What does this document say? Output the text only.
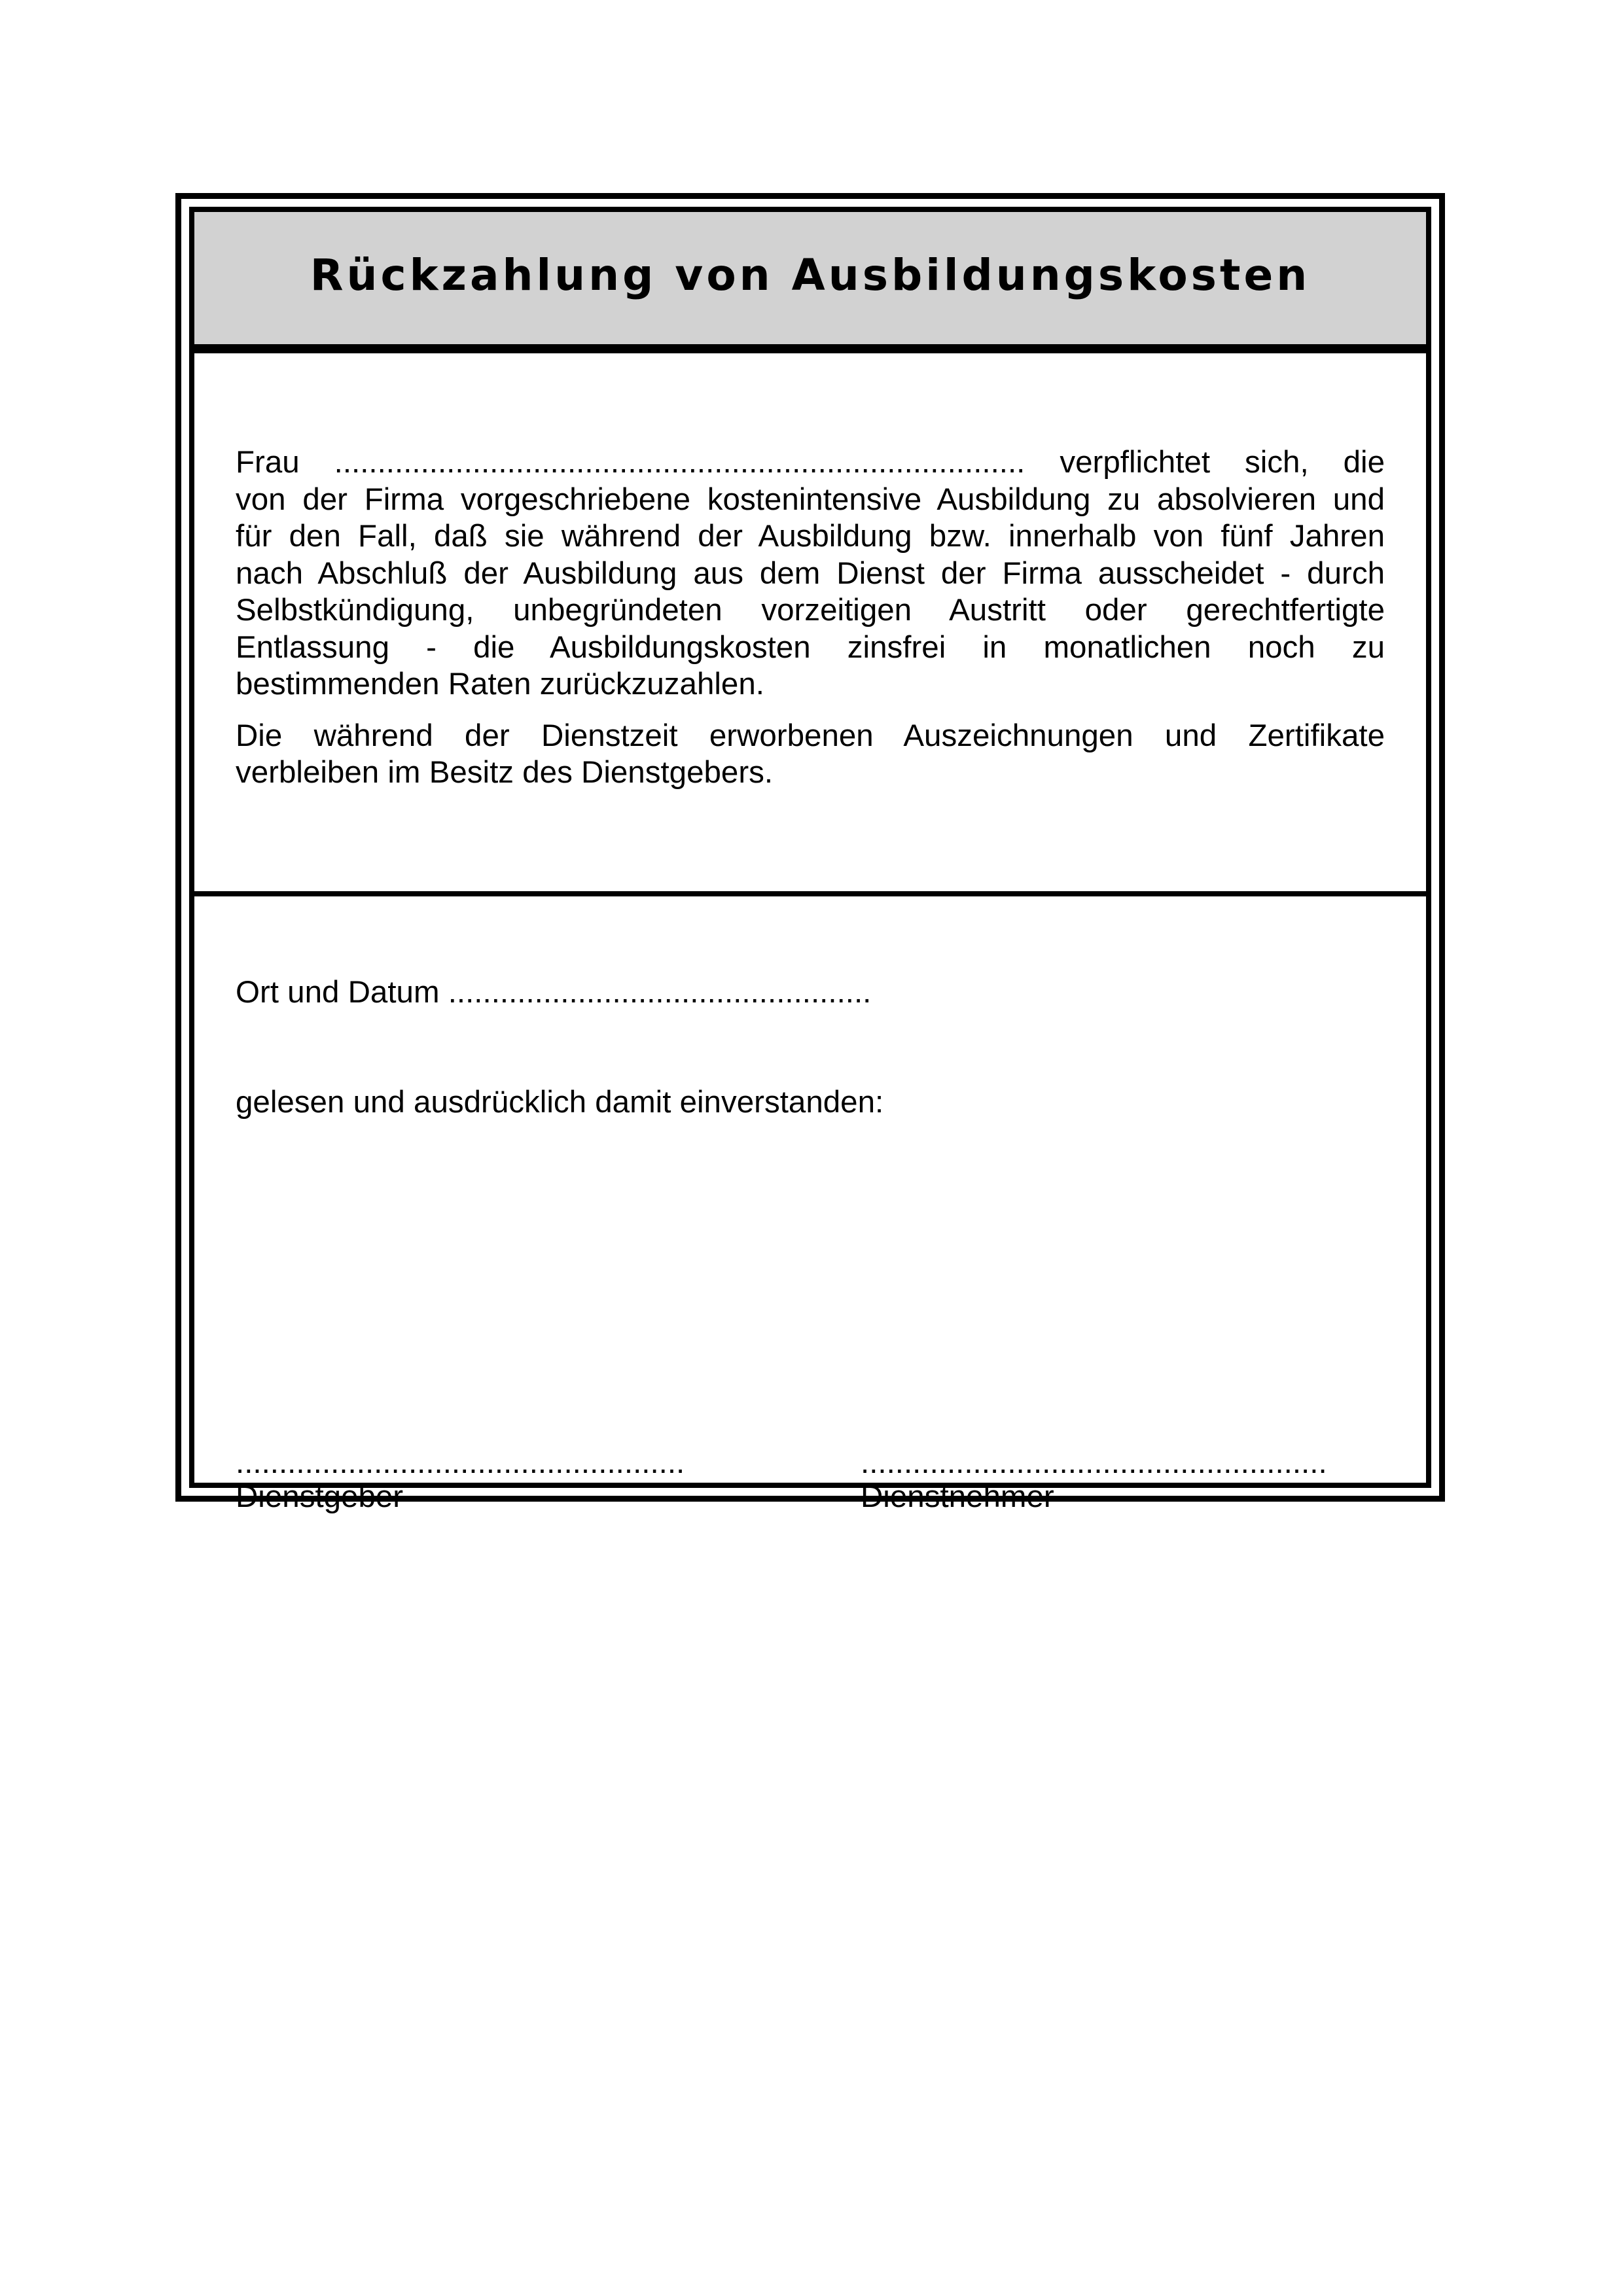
Rückzahlung von Ausbildungskosten

Frau ................................................................................ verpflichtet sich, die
von der Firma vorgeschriebene kostenintensive Ausbildung zu absolvieren und
für den Fall, daß sie während der Ausbildung bzw. innerhalb von fünf Jahren
nach Abschluß der Ausbildung aus dem Dienst der Firma ausscheidet - durch
Selbstkündigung, unbegründeten vorzeitigen Austritt oder gerechtfertigte
Entlassung - die Ausbildungskosten zinsfrei in monatlichen noch zu
bestimmenden Raten zurückzuzahlen.

Die während der Dienstzeit erworbenen Auszeichnungen und Zertifikate
verbleiben im Besitz des Dienstgebers.

Ort und Datum .................................................
gelesen und ausdrücklich damit einverstanden:
....................................................
Dienstgeber
......................................................
Dienstnehmer
